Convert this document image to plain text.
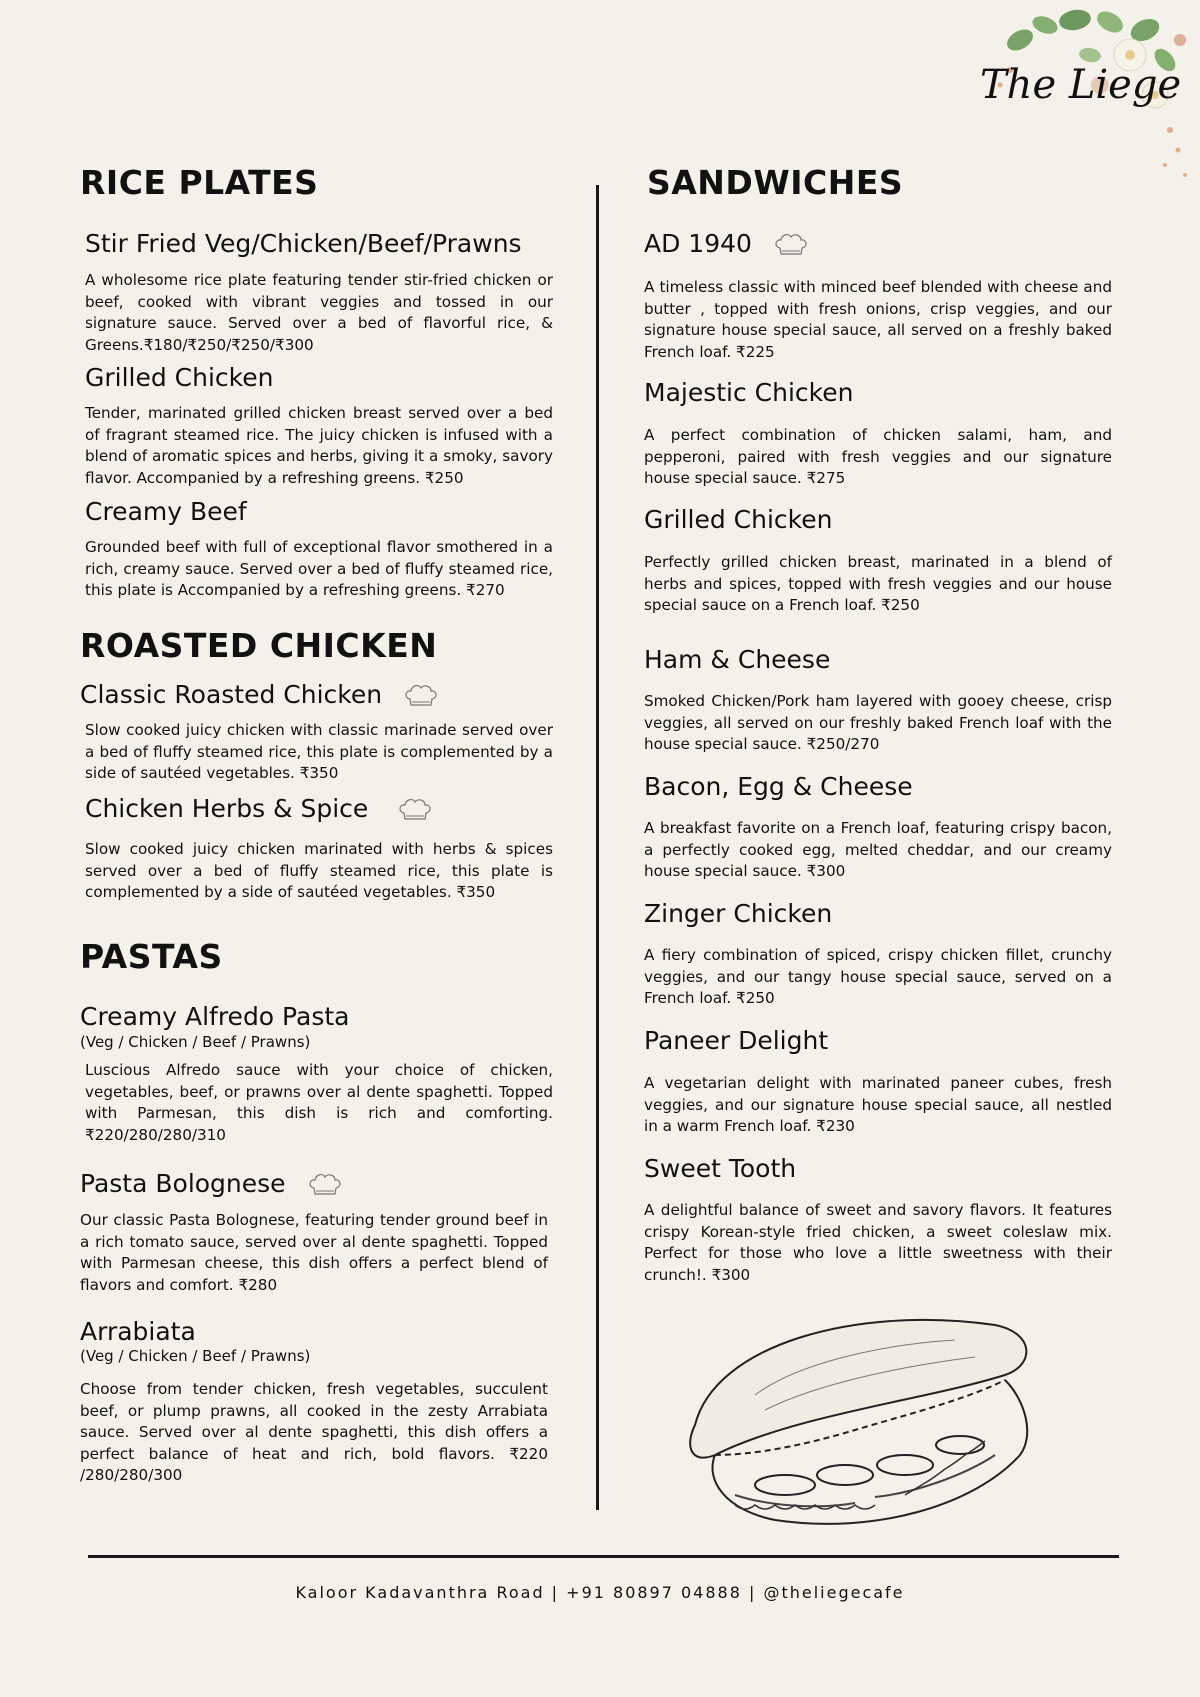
The Liege
RICE PLATES
Stir Fried Veg/Chicken/Beef/Prawns

A wholesome rice plate featuring tender stir-fried chicken or beef, cooked with vibrant veggies and tossed in our signature sauce. Served over a bed of flavorful rice, & Greens.₹180/₹250/₹250/₹300

Grilled Chicken

Tender, marinated grilled chicken breast served over a bed of fragrant steamed rice. The juicy chicken is infused with a blend of aromatic spices and herbs, giving it a smoky, savory flavor. Accompanied by a refreshing greens. ₹250

Creamy Beef

Grounded beef with full of exceptional flavor smothered in a rich, creamy sauce. Served over a bed of fluffy steamed rice, this plate is Accompanied by a refreshing greens. ₹270

ROASTED CHICKEN
Classic Roasted Chicken

Slow cooked juicy chicken with classic marinade served over a bed of fluffy steamed rice, this plate is complemented by a side of sautéed vegetables. ₹350

Chicken Herbs & Spice

Slow cooked juicy chicken marinated with herbs & spices served over a bed of fluffy steamed rice, this plate is complemented by a side of sautéed vegetables. ₹350

PASTAS
Creamy Alfredo Pasta

(Veg / Chicken / Beef / Prawns)

Luscious Alfredo sauce with your choice of chicken, vegetables, beef, or prawns over al dente spaghetti. Topped with Parmesan, this dish is rich and comforting. ₹220/280/280/310

Pasta Bolognese

Our classic Pasta Bolognese, featuring tender ground beef in a rich tomato sauce, served over al dente spaghetti. Topped with Parmesan cheese, this dish offers a perfect blend of flavors and comfort. ₹280

Arrabiata

(Veg / Chicken / Beef / Prawns)

Choose from tender chicken, fresh vegetables, succulent beef, or plump prawns, all cooked in the zesty Arrabiata sauce. Served over al dente spaghetti, this dish offers a perfect balance of heat and rich, bold flavors. ₹220 /280/280/300

SANDWICHES
AD 1940

A timeless classic with minced beef blended with cheese and butter , topped with fresh onions, crisp veggies, and our signature house special sauce, all served on a freshly baked French loaf. ₹225

Majestic Chicken

A perfect combination of chicken salami, ham, and pepperoni, paired with fresh veggies and our signature house special sauce. ₹275

Grilled Chicken

Perfectly grilled chicken breast, marinated in a blend of herbs and spices, topped with fresh veggies and our house special sauce on a French loaf. ₹250

Ham & Cheese

Smoked Chicken/Pork ham layered with gooey cheese, crisp veggies, all served on our freshly baked French loaf with the house special sauce. ₹250/270

Bacon, Egg & Cheese

A breakfast favorite on a French loaf, featuring crispy bacon, a perfectly cooked egg, melted cheddar, and our creamy house special sauce. ₹300

Zinger Chicken

A fiery combination of spiced, crispy chicken fillet, crunchy veggies, and our tangy house special sauce, served on a French loaf. ₹250

Paneer Delight

A vegetarian delight with marinated paneer cubes, fresh veggies, and our signature house special sauce, all nestled in a warm French loaf. ₹230

Sweet Tooth

A delightful balance of sweet and savory flavors. It features crispy Korean-style fried chicken, a sweet coleslaw mix. Perfect for those who love a little sweetness with their crunch!. ₹300

Kaloor Kadavanthra Road | +91 80897 04888 | @theliegecafe
